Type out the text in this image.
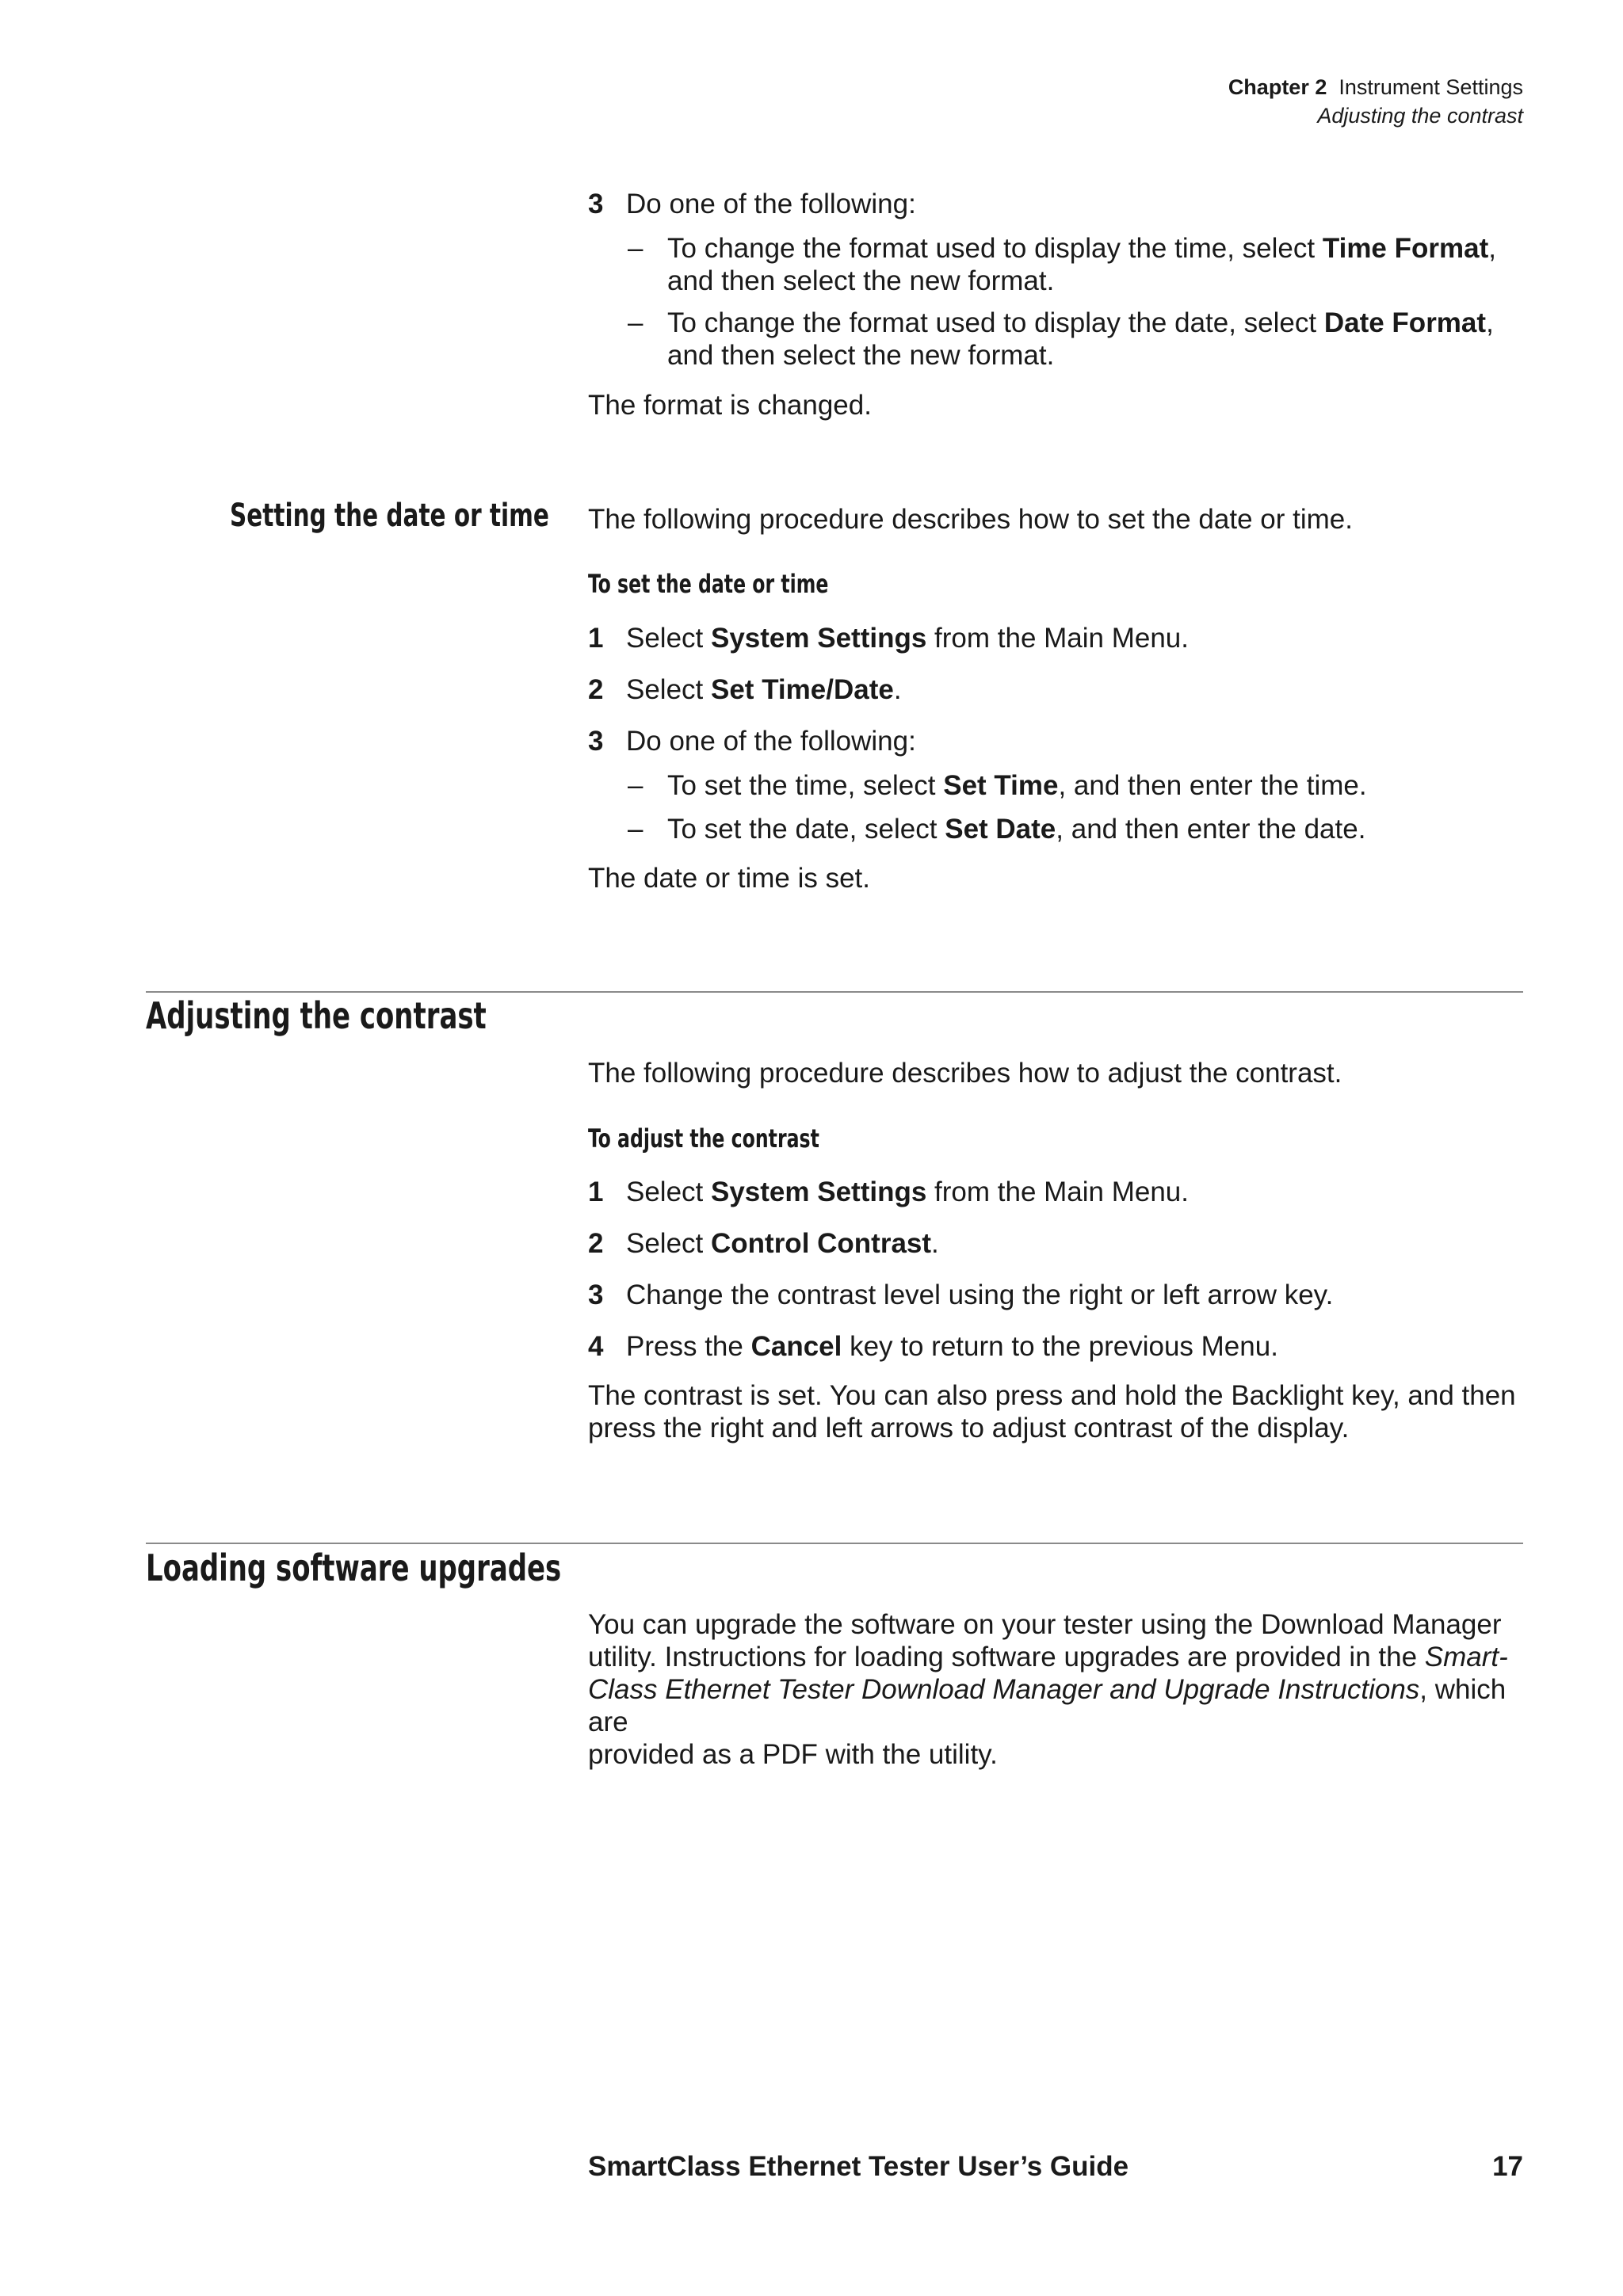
Chapter 2 Instrument Settings
Adjusting the contrast
3 Do one of the following:
– To change the format used to display the time, select Time Format,
and then select the new format.
– To change the format used to display the date, select Date Format,
and then select the new format.
The format is changed.
Setting the date or time The following procedure describes how to set the date or time.
To set the date or time
1 Select System Settings from the Main Menu.
2 Select Set Time/Date.
3 Do one of the following:
– To set the time, select Set Time, and then enter the time.
– To set the date, select Set Date, and then enter the date.
The date or time is set.
Adjusting the contrast
The following procedure describes how to adjust the contrast.
To adjust the contrast
1 Select System Settings from the Main Menu.
2 Select Control Contrast.
3 Change the contrast level using the right or left arrow key.
4 Press the Cancel key to return to the previous Menu.
The contrast is set. You can also press and hold the Backlight key, and then
press the right and left arrows to adjust contrast of the display.
Loading software upgrades
You can upgrade the software on your tester using the Download Manager
utility. Instructions for loading software upgrades are provided in the Smart-
Class Ethernet Tester Download Manager and Upgrade Instructions, which are
provided as a PDF with the utility.
SmartClass Ethernet Tester User’s Guide	17
